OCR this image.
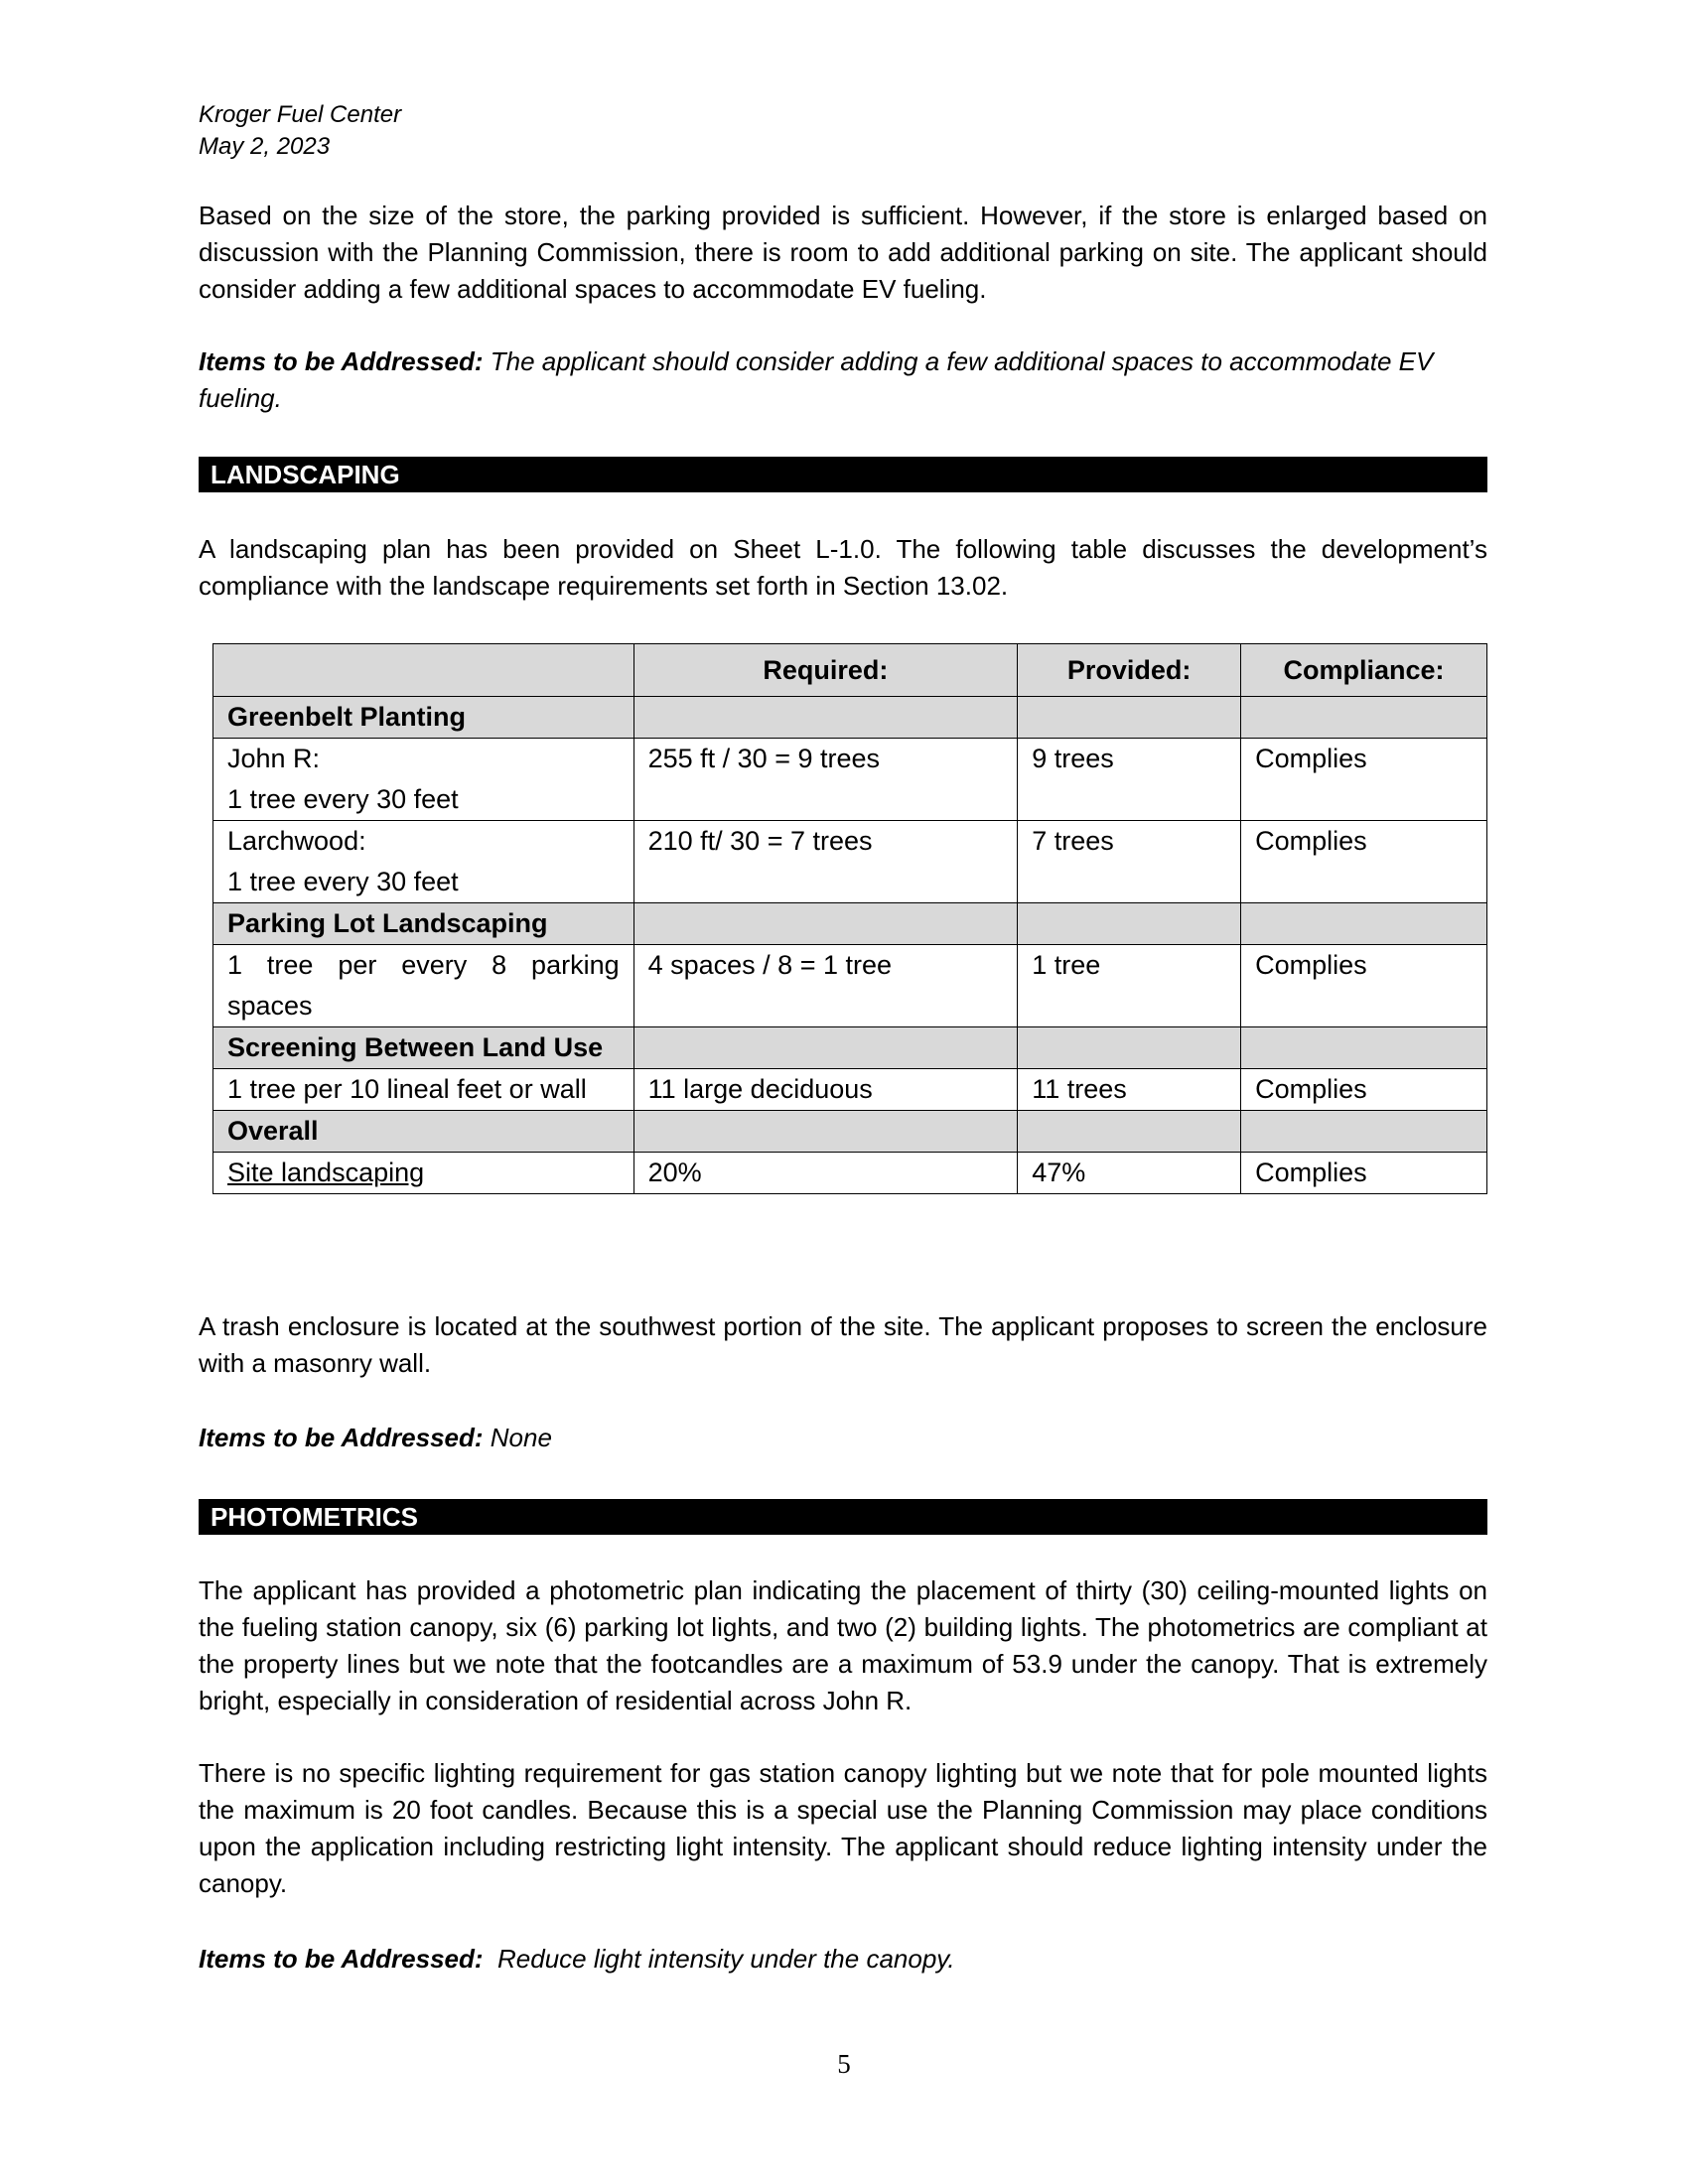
Kroger Fuel Center
May 2, 2023
Based on the size of the store, the parking provided is sufficient. However, if the store is enlarged based on discussion with the Planning Commission, there is room to add additional parking on site. The applicant should consider adding a few additional spaces to accommodate EV fueling.
Items to be Addressed: The applicant should consider adding a few additional spaces to accommodate EV fueling.
LANDSCAPING
A landscaping plan has been provided on Sheet L-1.0. The following table discusses the development’s compliance with the landscape requirements set forth in Section 13.02.
	Required:	Provided:	Compliance:
Greenbelt Planting			
John R:
1 tree every 30 feet	255 ft / 30 = 9 trees	9 trees	Complies
Larchwood:
1 tree every 30 feet	210 ft/ 30 = 7 trees	7 trees	Complies
Parking Lot Landscaping			
1 tree per every 8 parking spaces	4 spaces / 8 = 1 tree	1 tree	Complies
Screening Between Land Use			
1 tree per 10 lineal feet or wall	11 large deciduous	11 trees	Complies
Overall			
Site landscaping	20%	47%	Complies
A trash enclosure is located at the southwest portion of the site. The applicant proposes to screen the enclosure with a masonry wall.
Items to be Addressed: None
PHOTOMETRICS
The applicant has provided a photometric plan indicating the placement of thirty (30) ceiling-mounted lights on the fueling station canopy, six (6) parking lot lights, and two (2) building lights. The photometrics are compliant at the property lines but we note that the footcandles are a maximum of 53.9 under the canopy. That is extremely bright, especially in consideration of residential across John R.
There is no specific lighting requirement for gas station canopy lighting but we note that for pole mounted lights the maximum is 20 foot candles. Because this is a special use the Planning Commission may place conditions upon the application including restricting light intensity. The applicant should reduce lighting intensity under the canopy.
Items to be Addressed:  Reduce light intensity under the canopy.
5
